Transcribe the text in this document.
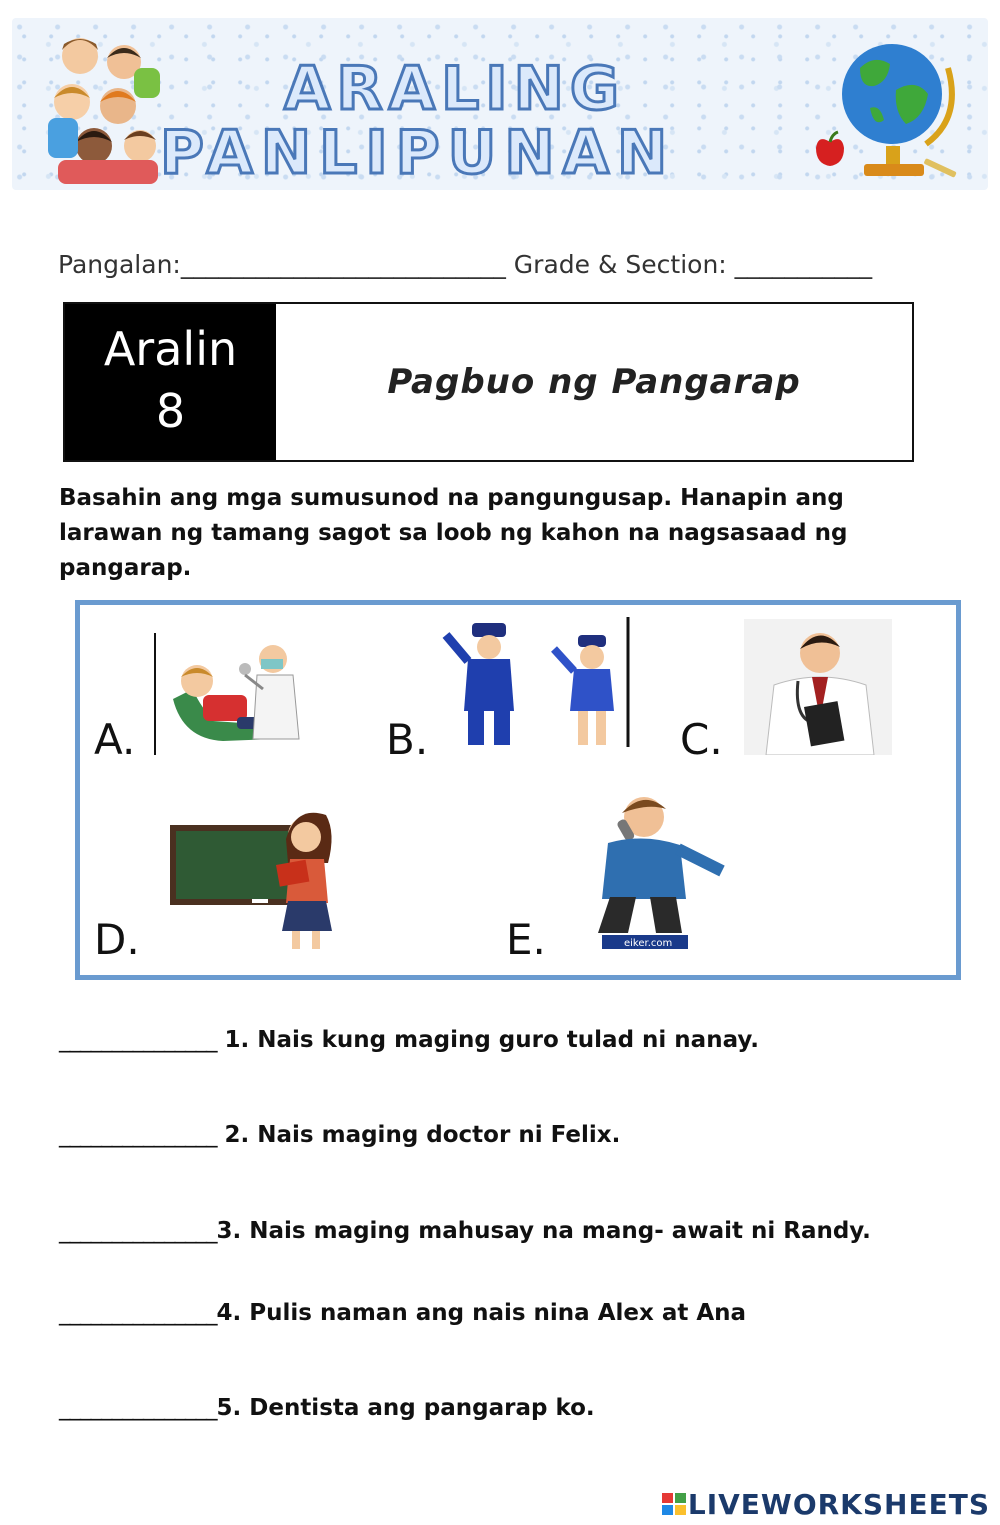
ARALING
PANLIPUNAN
Pangalan:__________________________ Grade & Section: ___________
Aralin
8
Pagbuo ng Pangarap
Basahin ang mga sumusunod na pangungusap. Hanapin ang larawan ng tamang sagot sa loob ng kahon na nagsasaad ng pangarap.
A.	B.	C.
D.	E.	eiker.com
_______________ 1. Nais kung maging guro tulad ni nanay.
_______________ 2. Nais maging doctor ni Felix.
_______________3. Nais maging mahusay na mang- await ni Randy.
_______________4. Pulis naman ang nais nina Alex at Ana
_______________5. Dentista ang pangarap ko.
LIVEWORKSHEETS
